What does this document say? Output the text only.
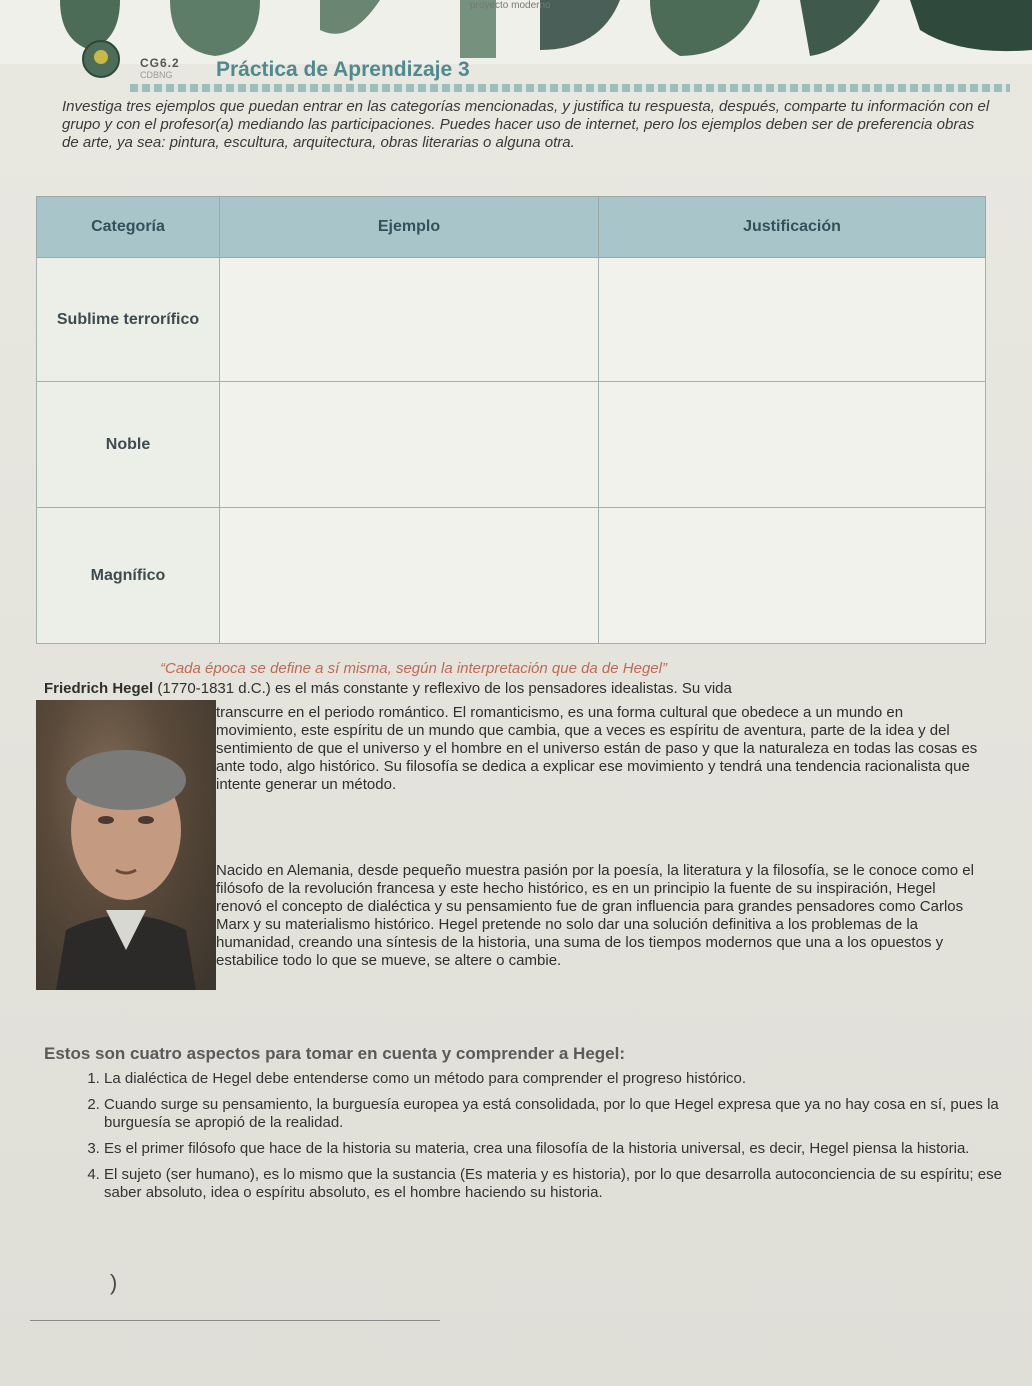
proyecto moderno
CG6.2
CDBNG Práctica de Aprendizaje 3
Investiga tres ejemplos que puedan entrar en las categorías mencionadas, y justifica tu respuesta, después, comparte tu información con el grupo y con el profesor(a) mediando las participaciones. Puedes hacer uso de internet, pero los ejemplos deben ser de preferencia obras de arte, ya sea: pintura, escultura, arquitectura, obras literarias o alguna otra.
Categoría	Ejemplo	Justificación
Sublime terrorífico		
Noble		
Magnífico		
“Cada época se define a sí misma, según la interpretación que da de Hegel”
Friedrich Hegel (1770-1831 d.C.) es el más constante y reflexivo de los pensadores idealistas. Su vida
transcurre en el periodo romántico. El romanticismo, es una forma cultural que obedece a un mundo en movimiento, este espíritu de un mundo que cambia, que a veces es espíritu de aventura, parte de la idea y del sentimiento de que el universo y el hombre en el universo están de paso y que la naturaleza en todas las cosas es ante todo, algo histórico. Su filosofía se dedica a explicar ese movimiento y tendrá una tendencia racionalista que intente generar un método.
Nacido en Alemania, desde pequeño muestra pasión por la poesía, la literatura y la filosofía, se le conoce como el filósofo de la revolución francesa y este hecho histórico, es en un principio la fuente de su inspiración, Hegel renovó el concepto de dialéctica y su pensamiento fue de gran influencia para grandes pensadores como Carlos Marx y su materialismo histórico. Hegel pretende no solo dar una solución definitiva a los problemas de la humanidad, creando una síntesis de la historia, una suma de los tiempos modernos que una a los opuestos y estabilice todo lo que se mueve, se altere o cambie.
Estos son cuatro aspectos para tomar en cuenta y comprender a Hegel:
1. La dialéctica de Hegel debe entenderse como un método para comprender el progreso histórico.
2. Cuando surge su pensamiento, la burguesía europea ya está consolidada, por lo que Hegel expresa que ya no hay cosa en sí, pues la burguesía se apropió de la realidad.
3. Es el primer filósofo que hace de la historia su materia, crea una filosofía de la historia universal, es decir, Hegel piensa la historia.
4. El sujeto (ser humano), es lo mismo que la sustancia (Es materia y es historia), por lo que desarrolla autoconciencia de su espíritu; ese saber absoluto, idea o espíritu absoluto, es el hombre haciendo su historia.
)
